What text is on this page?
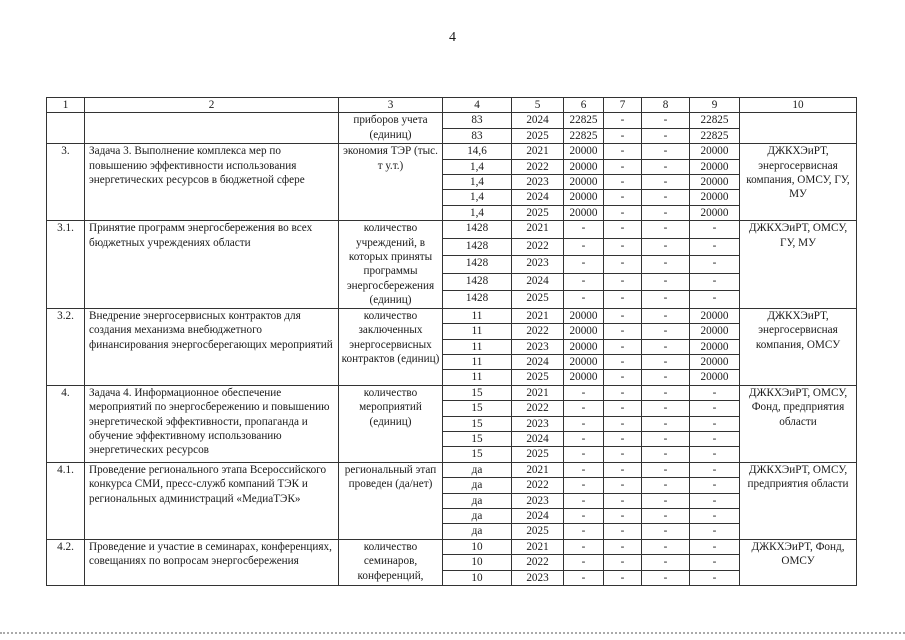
4
1	2	3	4	5	6	7	8	9	10
		приборов учета (единиц)	83	2024	22825	-	-	22825	
			83	2025	22825	-	-	22825	
3.	Задача 3. Выполнение комплекса мер по повышению эффективности использования энергетических ресурсов в бюджетной сфере	экономия ТЭР (тыс. т у.т.)	14,6	2021	20000	-	-	20000	ДЖКХЭиРТ, энергосервисная компания, ОМСУ, ГУ, МУ
			1,4	2022	20000	-	-	20000	
			1,4	2023	20000	-	-	20000	
			1,4	2024	20000	-	-	20000	
			1,4	2025	20000	-	-	20000	
3.1.	Принятие программ энергосбережения во всех бюджетных учреждениях области	количество учреждений, в которых приняты программы энергосбережения (единиц)	1428	2021	-	-	-	-	ДЖКХЭиРТ, ОМСУ, ГУ, МУ
			1428	2022	-	-	-	-	
			1428	2023	-	-	-	-	
			1428	2024	-	-	-	-	
			1428	2025	-	-	-	-	
3.2.	Внедрение энергосервисных контрактов для создания механизма внебюджетного финансирования энергосберегающих мероприятий	количество заключенных энергосервисных контрактов (единиц)	11	2021	20000	-	-	20000	ДЖКХЭиРТ, энергосервисная компания, ОМСУ
			11	2022	20000	-	-	20000	
			11	2023	20000	-	-	20000	
			11	2024	20000	-	-	20000	
			11	2025	20000	-	-	20000	
4.	Задача 4. Информационное обеспечение мероприятий по энергосбережению и повышению энергетической эффективности, пропаганда и обучение эффективному использованию энергетических ресурсов	количество мероприятий (единиц)	15	2021	-	-	-	-	ДЖКХЭиРТ, ОМСУ, Фонд, предприятия области
			15	2022	-	-	-	-	
			15	2023	-	-	-	-	
			15	2024	-	-	-	-	
			15	2025	-	-	-	-	
4.1.	Проведение регионального этапа Всероссийского конкурса СМИ, пресс-служб компаний ТЭК и региональных администраций «МедиаТЭК»	региональный этап проведен (да/нет)	да	2021	-	-	-	-	ДЖКХЭиРТ, ОМСУ, предприятия области
			да	2022	-	-	-	-	
			да	2023	-	-	-	-	
			да	2024	-	-	-	-	
			да	2025	-	-	-	-	
4.2.	Проведение и участие в семинарах, конференциях, совещаниях по вопросам энергосбережения	количество семинаров, конференций,	10	2021	-	-	-	-	ДЖКХЭиРТ, Фонд, ОМСУ
			10	2022	-	-	-	-	
			10	2023	-	-	-	-	
